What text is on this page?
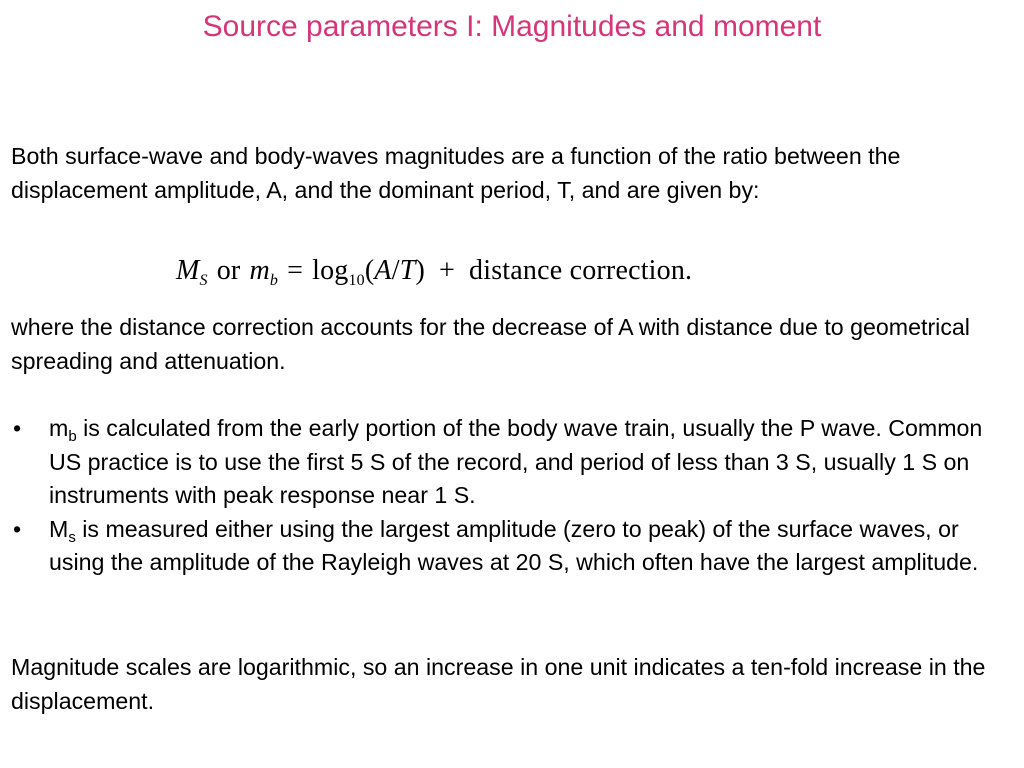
Source parameters I: Magnitudes and moment

Both surface-wave and body-waves magnitudes are a function of the ratio between the displacement amplitude, A, and the dominant period, T, and are given by:

$M_S$ or $m_b = \log_{10}(A/T)$ + distance correction.

where the distance correction accounts for the decrease of A with distance due to geometrical spreading and attenuation.

• $m_b$ is calculated from the early portion of the body wave train, usually the P wave. Common US practice is to use the first 5 S of the record, and period of less than 3 S, usually 1 S on instruments with peak response near 1 S.
• $M_s$ is measured either using the largest amplitude (zero to peak) of the surface waves, or using the amplitude of the Rayleigh waves at 20 S, which often have the largest amplitude.

Magnitude scales are logarithmic, so an increase in one unit indicates a ten-fold increase in the displacement.
